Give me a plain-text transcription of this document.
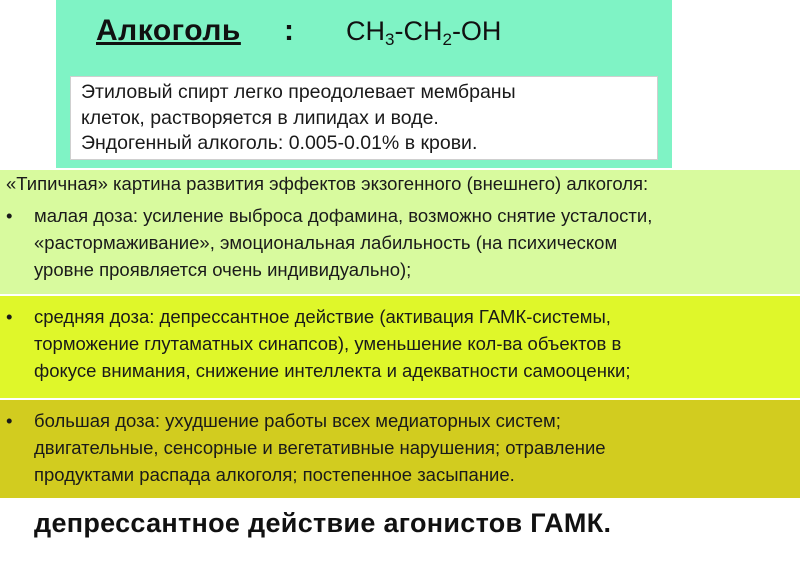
Алкоголь : $CH_3-CH_2-OH$
Этиловый спирт легко преодолевает мембраны
клеток, растворяется в липидах и воде.
Эндогенный алкоголь: 0.005-0.01% в крови.
«Типичная» картина развития эффектов экзогенного (внешнего) алкоголя:
• малая доза: усиление выброса дофамина, возможно снятие усталости,
«растормаживание», эмоциональная лабильность (на психическом
уровне проявляется очень индивидуально);
• средняя доза: депрессантное действие (активация ГАМК-системы,
торможение глутаматных синапсов), уменьшение кол-ва объектов в
фокусе внимания, снижение интеллекта и адекватности самооценки;
• большая доза: ухудшение работы всех медиаторных систем;
двигательные, сенсорные и вегетативные нарушения; отравление
продуктами распада алкоголя; постепенное засыпание.
депрессантное действие агонистов ГАМК.
